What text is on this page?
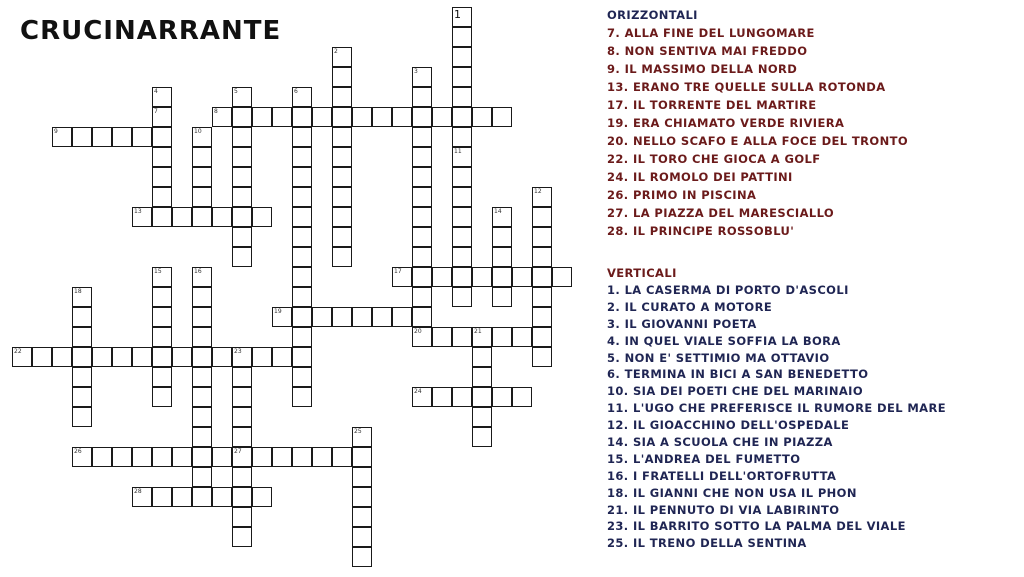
CRUCINARRANTE
7	8
9
13
17
19
20
22
24
26	27
28
1
2
3
4	5	6
10
11
12
14
15	16
18
21
23
25
ORIZZONTALI
7. ALLA FINE DEL LUNGOMARE
8. NON SENTIVA MAI FREDDO
9. IL MASSIMO DELLA NORD
13. ERANO TRE QUELLE SULLA ROTONDA
17. IL TORRENTE DEL MARTIRE
19. ERA CHIAMATO VERDE RIVIERA
20. NELLO SCAFO E ALLA FOCE DEL TRONTO
22. IL TORO CHE GIOCA A GOLF
24. IL ROMOLO DEI PATTINI
26. PRIMO IN PISCINA
27. LA PIAZZA DEL MARESCIALLO
28. IL PRINCIPE ROSSOBLU'
VERTICALI
1. LA CASERMA DI PORTO D'ASCOLI
2. IL CURATO A MOTORE
3. IL GIOVANNI POETA
4. IN QUEL VIALE SOFFIA LA BORA
5. NON E' SETTIMIO MA OTTAVIO
6. TERMINA IN BICI A SAN BENEDETTO
10. SIA DEI POETI CHE DEL MARINAIO
11. L'UGO CHE PREFERISCE IL RUMORE DEL MARE
12. IL GIOACCHINO DELL'OSPEDALE
14. SIA A SCUOLA CHE IN PIAZZA
15. L'ANDREA DEL FUMETTO
16. I FRATELLI DELL'ORTOFRUTTA
18. IL GIANNI CHE NON USA IL PHON
21. IL PENNUTO DI VIA LABIRINTO
23. IL BARRITO SOTTO LA PALMA DEL VIALE
25. IL TRENO DELLA SENTINA
